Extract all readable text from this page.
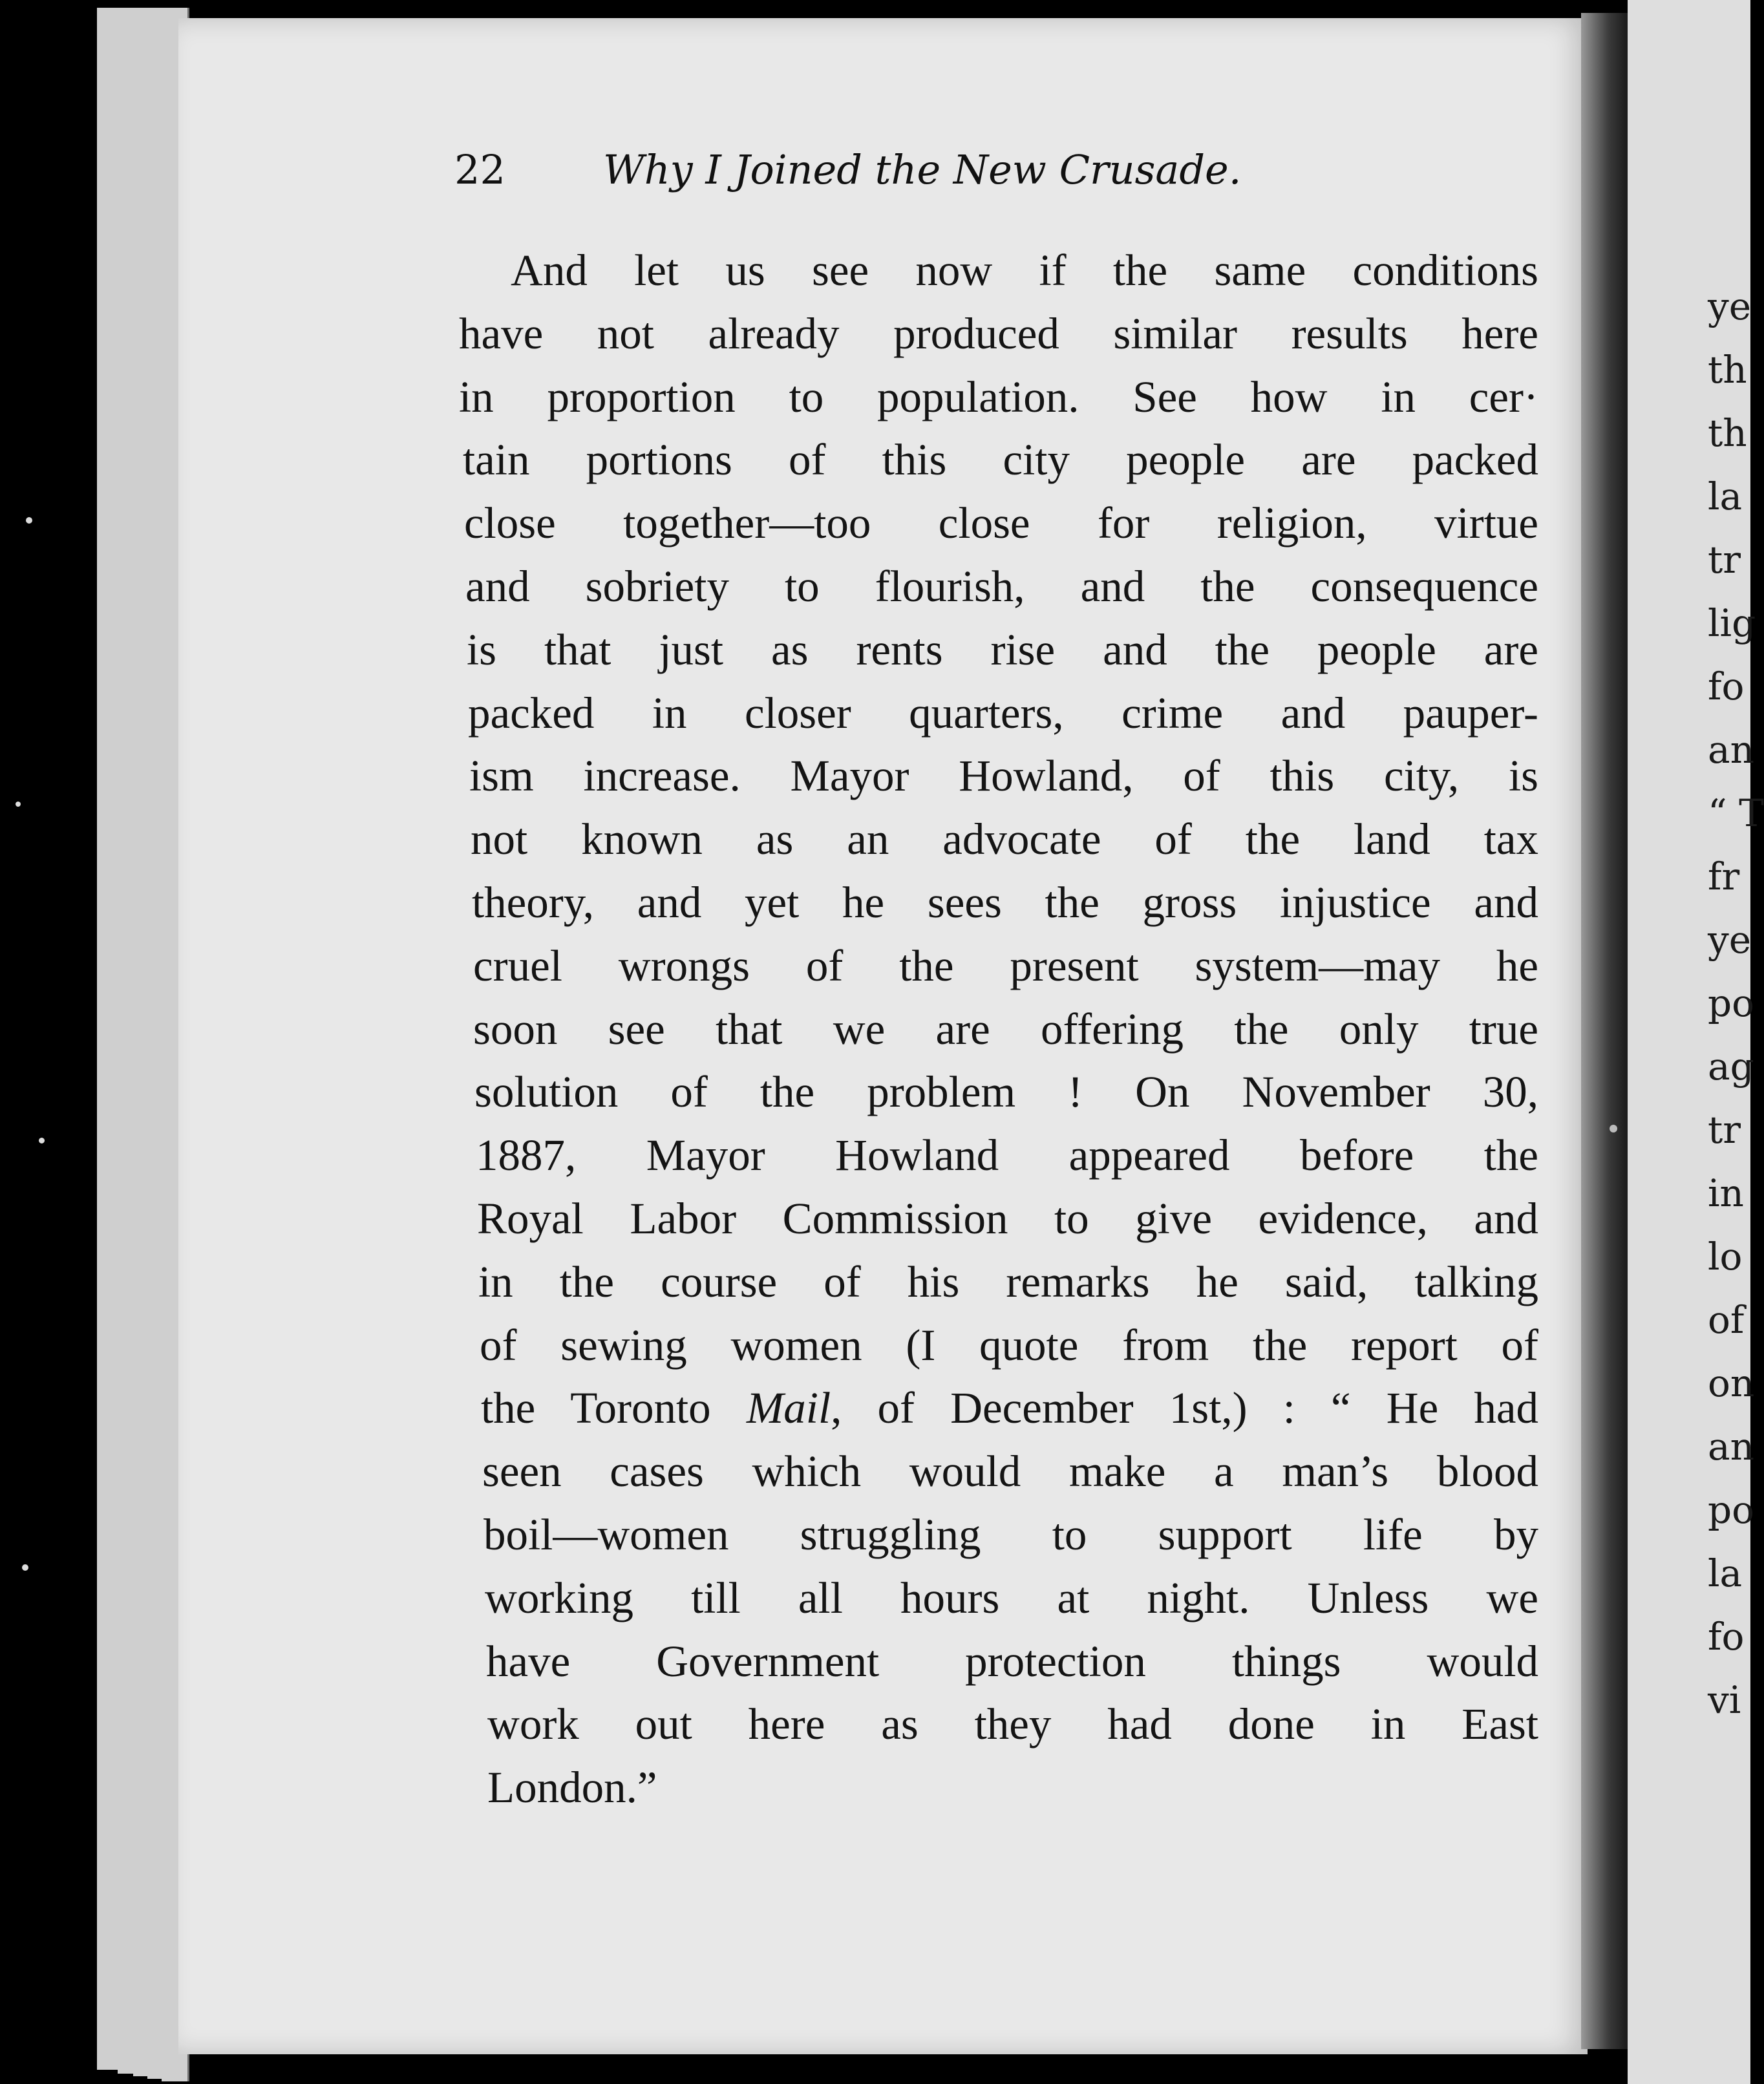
ye
th
th
la
tr
lig
fo
an
“ T
fr
ye
po
ag
tr
in
lo
of
on
an
po
la
fo
vi
22 Why I Joined the New Crusade.
And let us see now if the same conditions
have not already produced similar results here
in proportion to population. See how in cer·
tain portions of this city people are packed
close together—too close for religion, virtue
and sobriety to flourish, and the consequence
is that just as rents rise and the people are
packed in closer quarters, crime and pauper-
ism increase. Mayor Howland, of this city, is
not known as an advocate of the land tax
theory, and yet he sees the gross injustice and
cruel wrongs of the present system—may he
soon see that we are offering the only true
solution of the problem ! On November 30,
1887, Mayor Howland appeared before the
Royal Labor Commission to give evidence, and
in the course of his remarks he said, talking
of sewing women (I quote from the report of
the Toronto Mail, of December 1st,) : “ He had
seen cases which would make a man’s blood
boil—women struggling to support life by
working till all hours at night. Unless we
have Government protection things would
work out here as they had done in East
London.”
